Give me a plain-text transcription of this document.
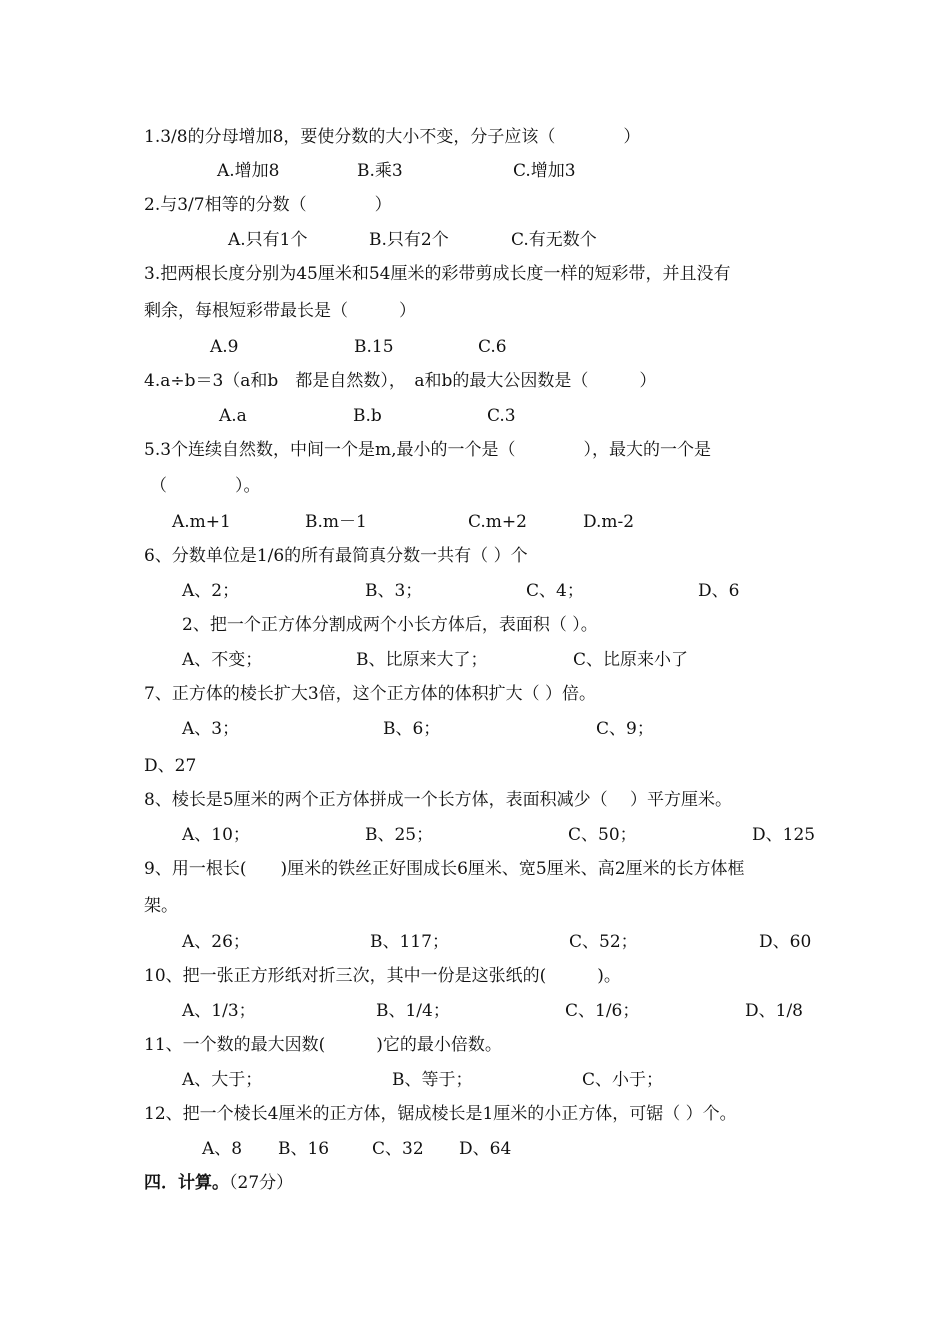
1.3/8的分母增加8，要使分数的大小不变，分子应该（　　　　）
A.增加8	B.乘3	C.增加3
2.与3/7相等的分数（　　　　）
A.只有1个	B.只有2个	C.有无数个
3.把两根长度分别为45厘米和54厘米的彩带剪成长度一样的短彩带，并且没有
剩余，每根短彩带最长是（　　　）
A.9	B.15	C.6
4.a÷b＝3（a和b　都是自然数），　a和b的最大公因数是（　　　）
A.a	B.b	C.3
5.3个连续自然数，中间一个是m,最小的一个是（　　　　），最大的一个是
（　　　　）。
A.m+1	B.m－1	C.m+2	D.m-2
6、分数单位是1/6的所有最简真分数一共有（ ）个
A、2；	B、3；	C、4；	D、6
2、把一个正方体分割成两个小长方体后，表面积（ ）。
A、不变；	B、比原来大了；	C、比原来小了
7、正方体的棱长扩大3倍，这个正方体的体积扩大（ ）倍。
A、3；	B、6；	C、9；
D、27
8、棱长是5厘米的两个正方体拼成一个长方体，表面积减少（　 ）平方厘米。
A、10；	B、25；	C、50；	D、125
9、用一根长(　　)厘米的铁丝正好围成长6厘米、宽5厘米、高2厘米的长方体框
架。
A、26；	B、117；	C、52；	D、60
10、把一张正方形纸对折三次，其中一份是这张纸的(　　　)。
A、1/3；	B、1/4；	C、1/6；	D、1/8
11、一个数的最大因数(　　　)它的最小倍数。
A、大于；	B、等于；	C、小于；
12、把一个棱长4厘米的正方体，锯成棱长是1厘米的小正方体，可锯（ ）个。
A、8 B、16	C、32 D、64
四．计算。（27分）
